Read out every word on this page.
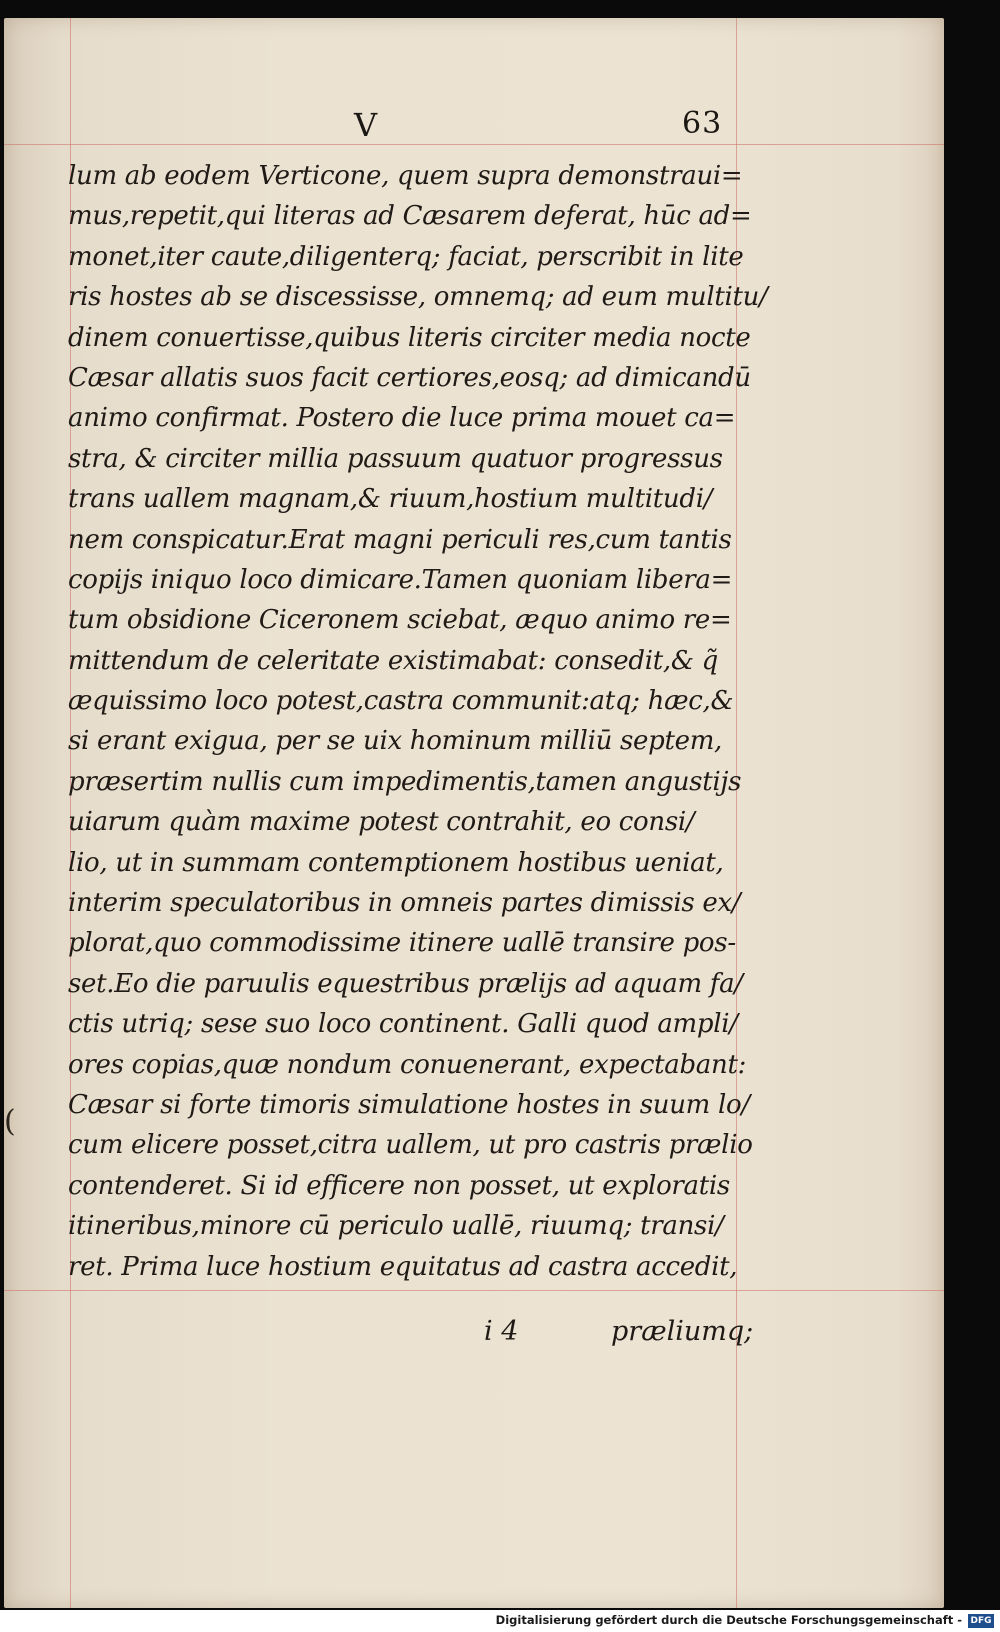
V	63
lum ab eodem Verticone, quem supra demonstraui=
mus,repetit,qui literas ad Cæsarem deferat, hūc ad=
monet,iter caute,diligenterq; faciat, perscribit in lite
ris hostes ab se discessisse, omnemq; ad eum multitu/
dinem conuertisse,quibus literis circiter media nocte
Cæsar allatis suos facit certiores,eosq; ad dimicandū
animo confirmat. Postero die luce prima mouet ca=
stra, & circiter millia passuum quatuor progressus
trans uallem magnam,& riuum,hostium multitudi/
nem conspicatur.Erat magni periculi res,cum tantis
copijs iniquo loco dimicare.Tamen quoniam libera=
tum obsidione Ciceronem sciebat, æquo animo re=
mittendum de celeritate existimabat: consedit,& q̃
æquissimo loco potest,castra communit:atq; hæc,&
si erant exigua, per se uix hominum milliū septem,
præsertim nullis cum impedimentis,tamen angustijs
uiarum quàm maxime potest contrahit, eo consi/
lio, ut in summam contemptionem hostibus ueniat,
interim speculatoribus in omneis partes dimissis ex/
plorat,quo commodissime itinere uallē transire pos-
set.Eo die paruulis equestribus prælijs ad aquam fa/
ctis utriq; sese suo loco continent. Galli quod ampli/
ores copias,quæ nondum conuenerant, expectabant:
Cæsar si forte timoris simulatione hostes in suum lo/
cum elicere posset,citra uallem, ut pro castris prælio
contenderet. Si id efficere non posset, ut exploratis
itineribus,minore cū periculo uallē, riuumq; transi/
ret. Prima luce hostium equitatus ad castra accedit,
i 4	præliumq;
(
Digitalisierung gefördert durch die Deutsche Forschungsgemeinschaft - DFG
